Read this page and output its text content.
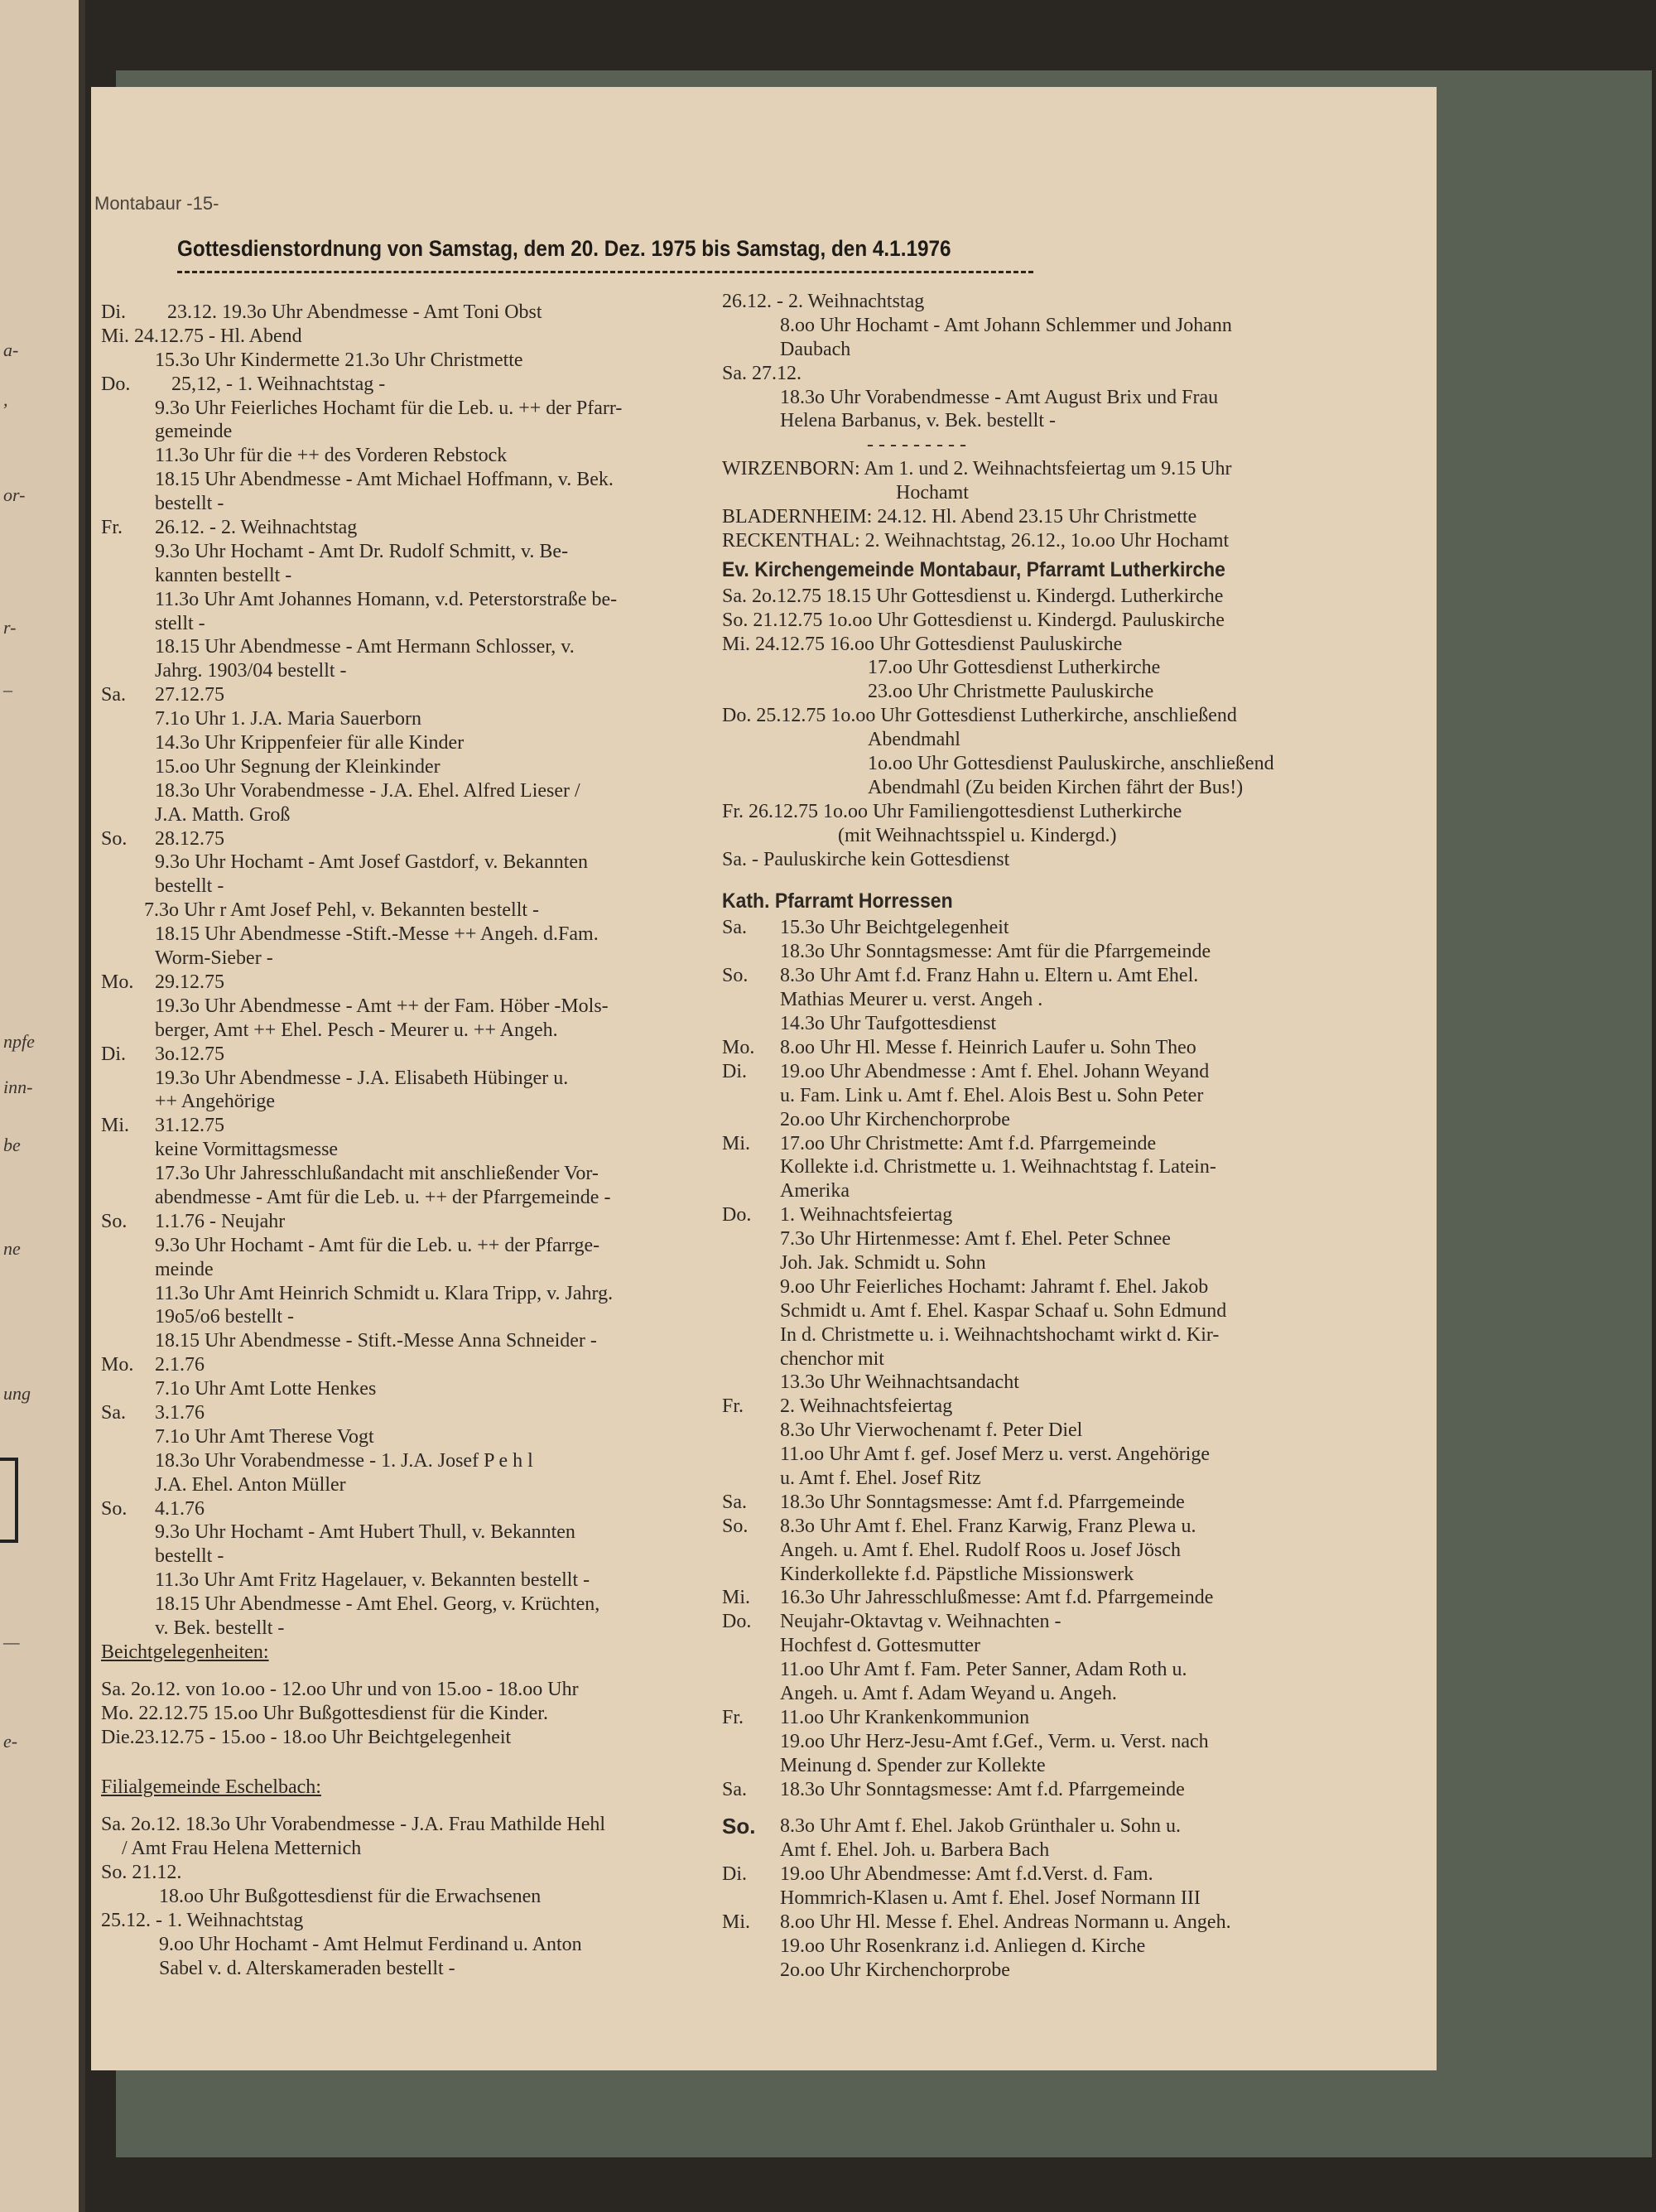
a-
,
or-
r-
–
npfe
inn-
be
ne
ung
—
e-
Montabaur -15-
Gottesdienstordnung von Samstag, dem 20. Dez. 1975 bis Samstag, den 4.1.1976
Di. 23.12. 19.3o Uhr Abendmesse - Amt Toni Obst
Mi. 24.12.75 - Hl. Abend
15.3o Uhr Kindermette 21.3o Uhr Christmette
Do. 25,12, - 1. Weihnachtstag -
9.3o Uhr Feierliches Hochamt für die Leb. u. ++ der Pfarr-
gemeinde
11.3o Uhr für die ++ des Vorderen Rebstock
18.15 Uhr Abendmesse - Amt Michael Hoffmann, v. Bek.
bestellt -
Fr. 26.12. - 2. Weihnachtstag
9.3o Uhr Hochamt - Amt Dr. Rudolf Schmitt, v. Be-
kannten bestellt -
11.3o Uhr Amt Johannes Homann, v.d. Peterstorstraße be-
stellt -
18.15 Uhr Abendmesse - Amt Hermann Schlosser, v.
Jahrg. 1903/04 bestellt -
Sa. 27.12.75
7.1o Uhr 1. J.A. Maria Sauerborn
14.3o Uhr Krippenfeier für alle Kinder
15.oo Uhr Segnung der Kleinkinder
18.3o Uhr Vorabendmesse - J.A. Ehel. Alfred Lieser /
J.A. Matth. Groß
So. 28.12.75
9.3o Uhr Hochamt - Amt Josef Gastdorf, v. Bekannten
bestellt -
7.3o Uhr r Amt Josef Pehl, v. Bekannten bestellt -
18.15 Uhr Abendmesse -Stift.-Messe ++ Angeh. d.Fam.
Worm-Sieber -
Mo. 29.12.75
19.3o Uhr Abendmesse - Amt ++ der Fam. Höber -Mols-
berger, Amt ++ Ehel. Pesch - Meurer u. ++ Angeh.
Di. 3o.12.75
19.3o Uhr Abendmesse - J.A. Elisabeth Hübinger u.
++ Angehörige
Mi. 31.12.75
keine Vormittagsmesse
17.3o Uhr Jahresschlußandacht mit anschließender Vor-
abendmesse - Amt für die Leb. u. ++ der Pfarrgemeinde -
So. 1.1.76 - Neujahr
9.3o Uhr Hochamt - Amt für die Leb. u. ++ der Pfarrge-
meinde
11.3o Uhr Amt Heinrich Schmidt u. Klara Tripp, v. Jahrg.
19o5/o6 bestellt -
18.15 Uhr Abendmesse - Stift.-Messe Anna Schneider -
Mo. 2.1.76
7.1o Uhr Amt Lotte Henkes
Sa. 3.1.76
7.1o Uhr Amt Therese Vogt
18.3o Uhr Vorabendmesse - 1. J.A. Josef P e h l
J.A. Ehel. Anton Müller
So. 4.1.76
9.3o Uhr Hochamt - Amt Hubert Thull, v. Bekannten
bestellt -
11.3o Uhr Amt Fritz Hagelauer, v. Bekannten bestellt -
18.15 Uhr Abendmesse - Amt Ehel. Georg, v. Krüchten,
v. Bek. bestellt -
Beichtgelegenheiten:
Sa. 2o.12. von 1o.oo - 12.oo Uhr und von 15.oo - 18.oo Uhr
Mo. 22.12.75 15.oo Uhr Bußgottesdienst für die Kinder.
Die.23.12.75 - 15.oo - 18.oo Uhr Beichtgelegenheit
Filialgemeinde Eschelbach:
Sa. 2o.12. 18.3o Uhr Vorabendmesse - J.A. Frau Mathilde Hehl
/ Amt Frau Helena Metternich
So. 21.12.
18.oo Uhr Bußgottesdienst für die Erwachsenen
25.12. - 1. Weihnachtstag
9.oo Uhr Hochamt - Amt Helmut Ferdinand u. Anton
Sabel v. d. Alterskameraden bestellt -
26.12. - 2. Weihnachtstag
8.oo Uhr Hochamt - Amt Johann Schlemmer und Johann
Daubach
Sa. 27.12.
18.3o Uhr Vorabendmesse - Amt August Brix und Frau
Helena Barbanus, v. Bek. bestellt -
- - - - - - - - -
WIRZENBORN: Am 1. und 2. Weihnachtsfeiertag um 9.15 Uhr
Hochamt
BLADERNHEIM: 24.12. Hl. Abend 23.15 Uhr Christmette
RECKENTHAL: 2. Weihnachtstag, 26.12., 1o.oo Uhr Hochamt
Ev. Kirchengemeinde Montabaur, Pfarramt Lutherkirche
Sa. 2o.12.75 18.15 Uhr Gottesdienst u. Kindergd. Lutherkirche
So. 21.12.75 1o.oo Uhr Gottesdienst u. Kindergd. Pauluskirche
Mi. 24.12.75 16.oo Uhr Gottesdienst Pauluskirche
17.oo Uhr Gottesdienst Lutherkirche
23.oo Uhr Christmette Pauluskirche
Do. 25.12.75 1o.oo Uhr Gottesdienst Lutherkirche, anschließend
Abendmahl
1o.oo Uhr Gottesdienst Pauluskirche, anschließend
Abendmahl (Zu beiden Kirchen fährt der Bus!)
Fr. 26.12.75 1o.oo Uhr Familiengottesdienst Lutherkirche
(mit Weihnachtsspiel u. Kindergd.)
Sa. - Pauluskirche kein Gottesdienst
Kath. Pfarramt Horressen
Sa. 15.3o Uhr Beichtgelegenheit
18.3o Uhr Sonntagsmesse: Amt für die Pfarrgemeinde
So. 8.3o Uhr Amt f.d. Franz Hahn u. Eltern u. Amt Ehel.
Mathias Meurer u. verst. Angeh .
14.3o Uhr Taufgottesdienst
Mo. 8.oo Uhr Hl. Messe f. Heinrich Laufer u. Sohn Theo
Di. 19.oo Uhr Abendmesse : Amt f. Ehel. Johann Weyand
u. Fam. Link u. Amt f. Ehel. Alois Best u. Sohn Peter
2o.oo Uhr Kirchenchorprobe
Mi. 17.oo Uhr Christmette: Amt f.d. Pfarrgemeinde
Kollekte i.d. Christmette u. 1. Weihnachtstag f. Latein-
Amerika
Do. 1. Weihnachtsfeiertag
7.3o Uhr Hirtenmesse: Amt f. Ehel. Peter Schnee
Joh. Jak. Schmidt u. Sohn
9.oo Uhr Feierliches Hochamt: Jahramt f. Ehel. Jakob
Schmidt u. Amt f. Ehel. Kaspar Schaaf u. Sohn Edmund
In d. Christmette u. i. Weihnachtshochamt wirkt d. Kir-
chenchor mit
13.3o Uhr Weihnachtsandacht
Fr. 2. Weihnachtsfeiertag
8.3o Uhr Vierwochenamt f. Peter Diel
11.oo Uhr Amt f. gef. Josef Merz u. verst. Angehörige
u. Amt f. Ehel. Josef Ritz
Sa. 18.3o Uhr Sonntagsmesse: Amt f.d. Pfarrgemeinde
So. 8.3o Uhr Amt f. Ehel. Franz Karwig, Franz Plewa u.
Angeh. u. Amt f. Ehel. Rudolf Roos u. Josef Jösch
Kinderkollekte f.d. Päpstliche Missionswerk
Mi. 16.3o Uhr Jahresschlußmesse: Amt f.d. Pfarrgemeinde
Do. Neujahr-Oktavtag v. Weihnachten -
Hochfest d. Gottesmutter
11.oo Uhr Amt f. Fam. Peter Sanner, Adam Roth u.
Angeh. u. Amt f. Adam Weyand u. Angeh.
Fr. 11.oo Uhr Krankenkommunion
19.oo Uhr Herz-Jesu-Amt f.Gef., Verm. u. Verst. nach
Meinung d. Spender zur Kollekte
Sa. 18.3o Uhr Sonntagsmesse: Amt f.d. Pfarrgemeinde
So. 8.3o Uhr Amt f. Ehel. Jakob Grünthaler u. Sohn u.
Amt f. Ehel. Joh. u. Barbera Bach
Di. 19.oo Uhr Abendmesse: Amt f.d.Verst. d. Fam.
Hommrich-Klasen u. Amt f. Ehel. Josef Normann III
Mi. 8.oo Uhr Hl. Messe f. Ehel. Andreas Normann u. Angeh.
19.oo Uhr Rosenkranz i.d. Anliegen d. Kirche
2o.oo Uhr Kirchenchorprobe
